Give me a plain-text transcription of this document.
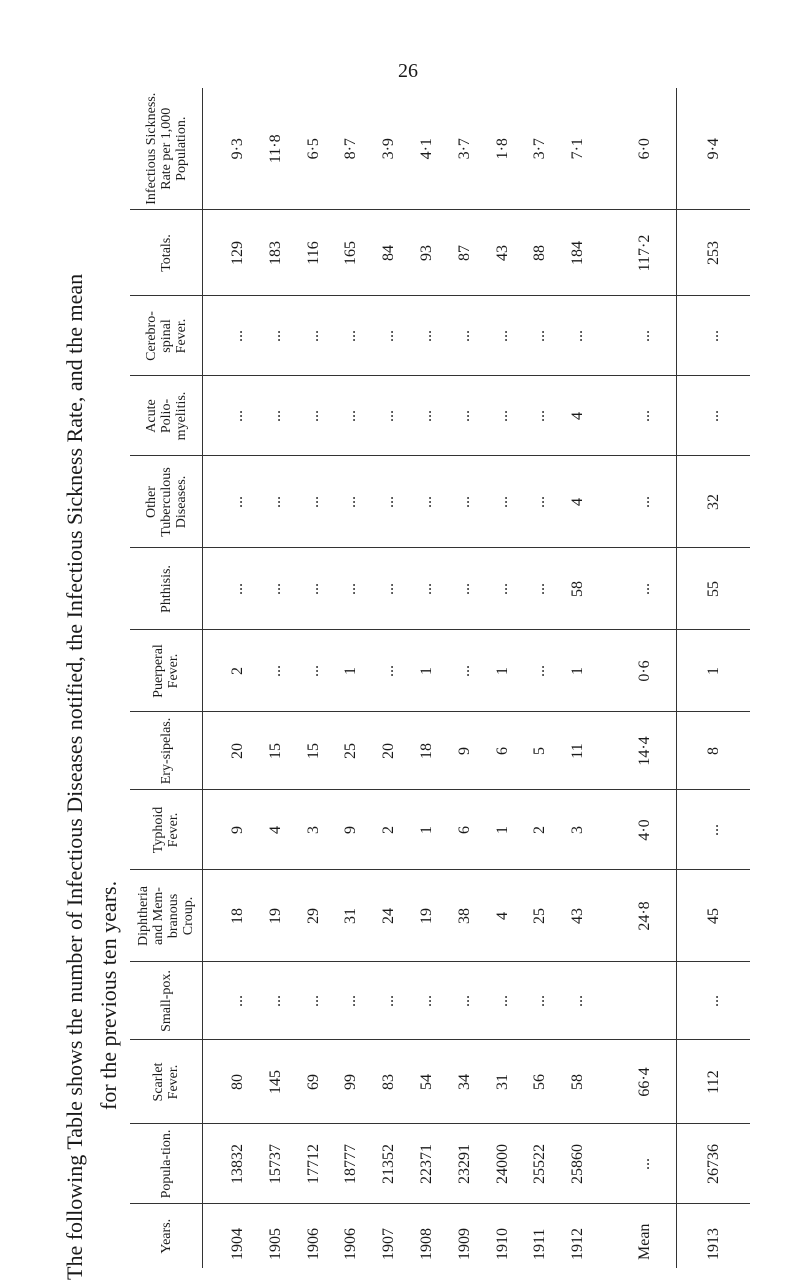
26
The following Table shows the number of Infectious Diseases notified, the Infectious Sickness Rate, and the mean for the previous ten years.
Years.	Popula-tion.	Scarlet Fever.	Small-pox.	Diphtheria and Mem-branous Croup.	Typhoid Fever.	Ery-sipelas.	Puerperal Fever.	Phthisis.	Other Tuberculous Diseases.	Acute Polio-myelitis.	Cerebro-spinal Fever.	Totals.	Infectious Sickness. Rate per 1,000 Population.

1904	13832	80	...	18	9	20	2	...	...	...	...	129	9·3
1905	15737	145	...	19	4	15	...	...	...	...	...	183	11·8
1906	17712	69	...	29	3	15	...	...	...	...	...	116	6·5
1906	18777	99	...	31	9	25	1	...	...	...	...	165	8·7
1907	21352	83	...	24	2	20	...	...	...	...	...	84	3·9
1908	22371	54	...	19	1	18	1	...	...	...	...	93	4·1
1909	23291	34	...	38	6	9	...	...	...	...	...	87	3·7
1910	24000	31	...	4	1	6	1	...	...	...	...	43	1·8
1911	25522	56	...	25	2	5	...	...	...	...	...	88	3·7
1912	25860	58	...	43	3	11	1	58	4	4	...	184	7·1

Mean	...	66·4		24·8	4·0	14·4	0·6	...	...	...	...	117·2	6·0
1913	26736	112	...	45	...	8	1	55	32	...	...	253	9·4
